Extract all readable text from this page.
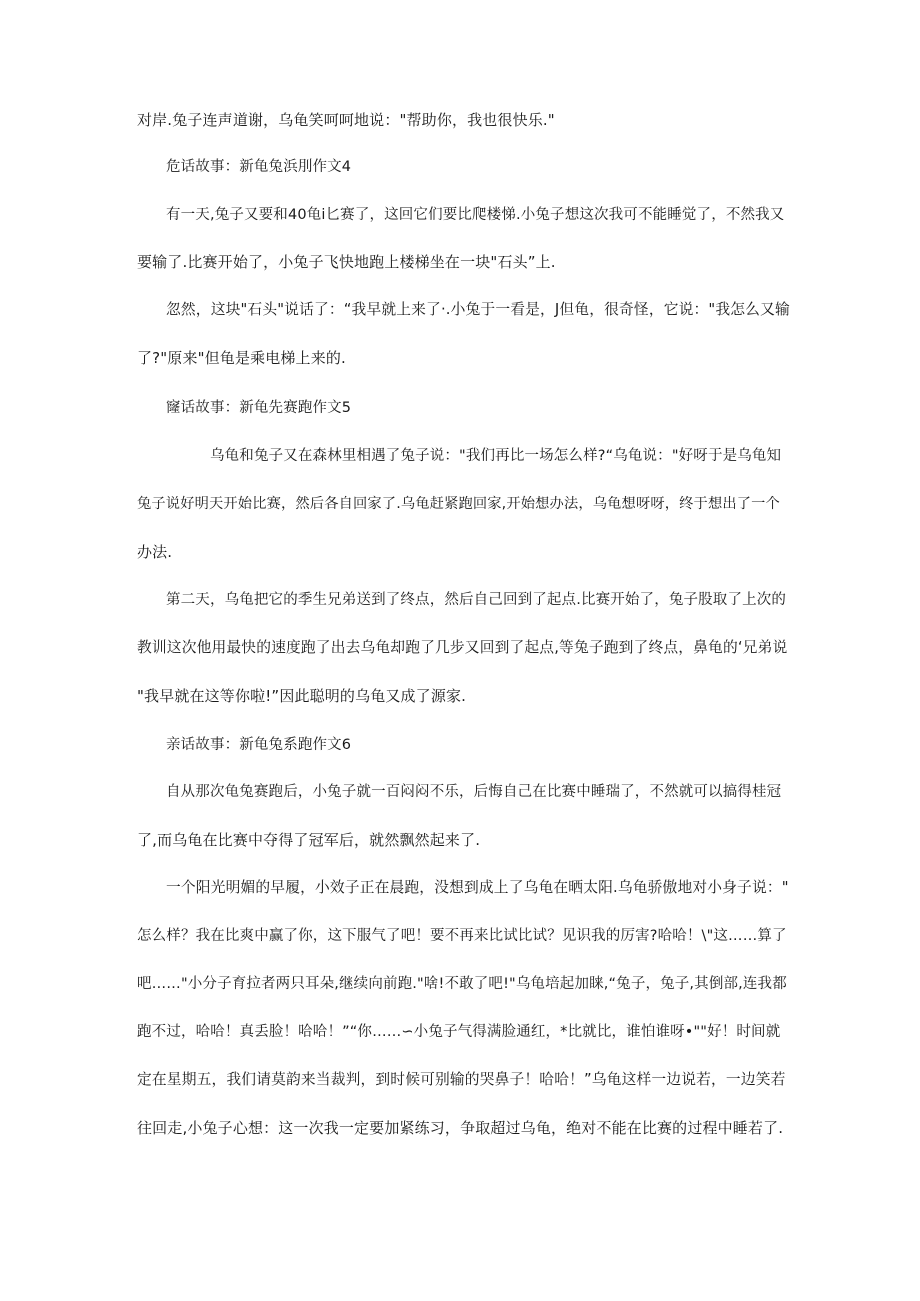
对岸.兔子连声道谢，乌龟笑呵呵地说："帮助你，我也很快乐."

危话故事：新龟兔浜刖作文4

有一天,兔子又要和40龟i匕赛了，这回它们要比爬楼悌.小兔子想这次我可不能睡觉了，不然我又

要输了.比赛开始了，小兔子飞快地跑上楼梯坐在一块"石头”上.

忽然，这块"石头"说话了：“我早就上来了·.小兔于一看是，J但龟，很奇怪，它说："我怎么又输

了?"原来"但龟是乘电梯上来的.

窿话故事：新龟先赛跑作文5

乌龟和兔子又在森林里相遇了兔子说："我们再比一场怎么样?“乌龟说："好呀于是乌龟知

兔子说好明天开始比赛，然后各自回家了.乌龟赶紧跑回家,开始想办法，乌龟想呀呀，终于想出了一个

办法.

第二天，乌龟把它的季生兄弟送到了终点，然后自己回到了起点.比赛开始了，兔子股取了上次的

教训这次他用最快的速度跑了出去乌龟却跑了几步又回到了起点,等兔子跑到了终点，鼻龟的‘兄弟说

"我早就在这等你啦!”因此聪明的乌龟又成了源家.

亲话故事：新龟兔系跑作文6

自从那次龟兔赛跑后，小兔子就一百闷闷不乐，后悔自己在比赛中睡瑞了，不然就可以搞得桂冠

了,而乌龟在比赛中夺得了冠军后，就然飘然起来了.

一个阳光明媚的早履，小效子正在晨跑，没想到成上了乌龟在晒太阳.乌龟骄傲地对小身子说："

怎么样？我在比爽中赢了你，这下服气了吧！要不再来比试比试？见识我的厉害?哈哈！\"这……算了

吧……"小分子育拉者两只耳朵,继续向前跑."啥!不敢了吧!"乌龟培起加睐,“兔子，兔子,其倒部,连我都

跑不过，哈哈！真丢脸！哈哈！”“你……∽小兔子气得满脸通红，*比就比，谁怕谁呀•""好！时间就

定在星期五，我们请莫韵来当裁判，到时候可别输的哭鼻子！哈哈！”乌龟这样一边说若，一边笑若

往回走,小兔子心想：这一次我一定要加紧练习，争取超过乌龟，绝对不能在比赛的过程中睡若了.
